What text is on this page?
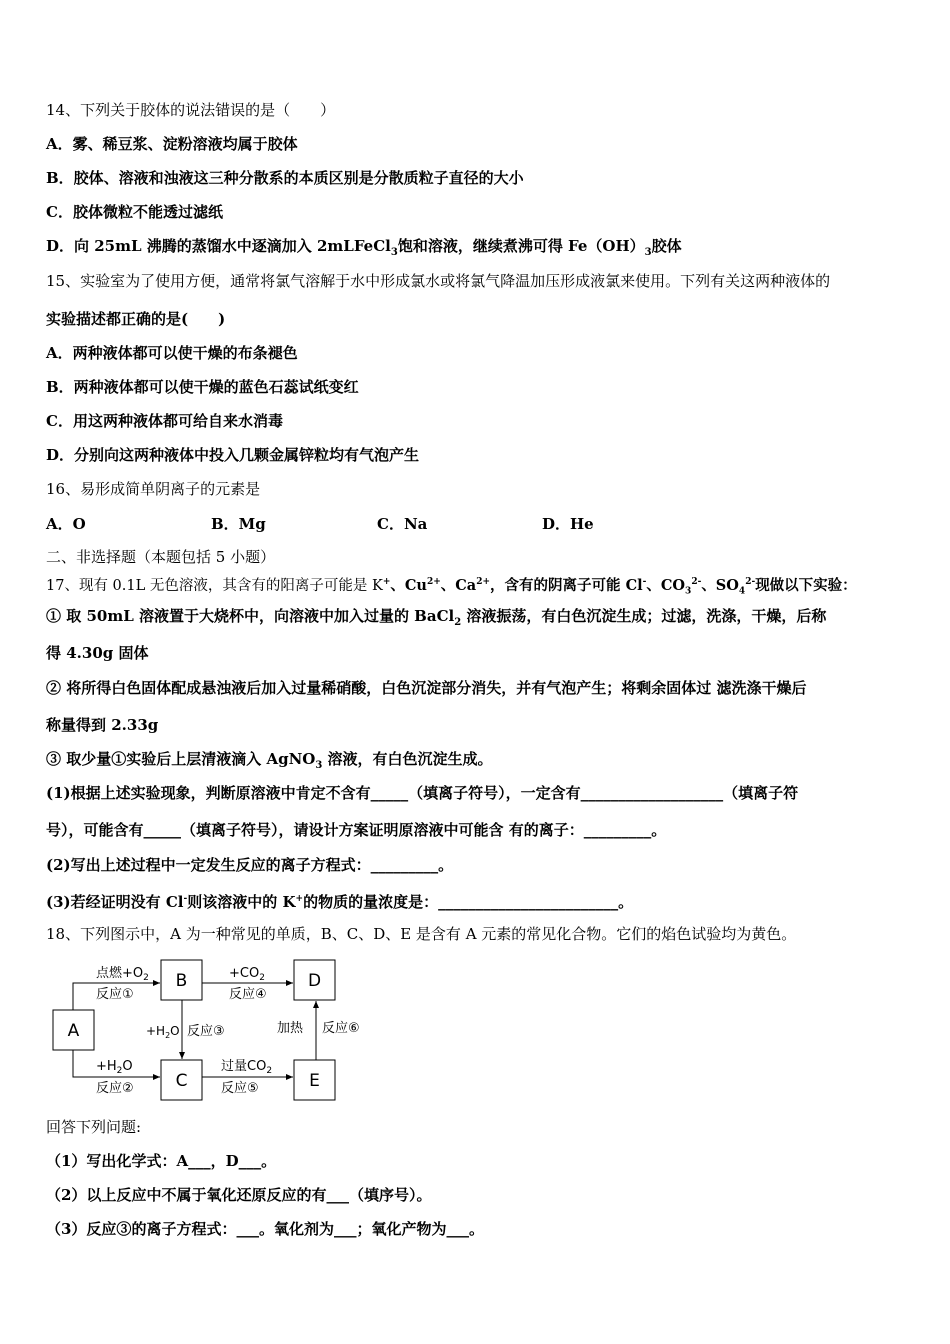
14、下列关于胶体的说法错误的是（　　）
A．雾、稀豆浆、淀粉溶液均属于胶体
B．胶体、溶液和浊液这三种分散系的本质区别是分散质粒子直径的大小
C．胶体微粒不能透过滤纸
D．向 25mL 沸腾的蒸馏水中逐滴加入 2mLFeCl$_3$饱和溶液，继续煮沸可得 $Fe(OH)_3$胶体
15、实验室为了使用方便，通常将氯气溶解于水中形成氯水或将氯气降温加压形成液氯来使用。下列有关这两种液体的
实验描述都正确的是(　　)
A．两种液体都可以使干燥的布条褪色
B．两种液体都可以使干燥的蓝色石蕊试纸变红
C．用这两种液体都可给自来水消毒
D．分别向这两种液体中投入几颗金属锌粒均有气泡产生
16、易形成简单阴离子的元素是
A．O	B．Mg	C．Na	D．He
二、非选择题（本题包括 5 小题）
17、现有 0.1L 无色溶液，其含有的阳离子可能是 K+、$Cu^{2+}$、$Ca^{2+}$，含有的阴离子可能 Cl-、$CO_3^{2-}$、$SO_4^{2-}$现做以下实验：
① 取 50mL 溶液置于大烧杯中，向溶液中加入过量的 BaCl$_2$ 溶液振荡，有白色沉淀生成；过滤，洗涤，干燥，后称
得 4.30g 固体
② 将所得白色固体配成悬浊液后加入过量稀硝酸，白色沉淀部分消失，并有气泡产生；将剩余固体过 滤洗涤干燥后
称量得到 2.33g
③ 取少量①实验后上层清液滴入 AgNO$_3$ 溶液，有白色沉淀生成。
(1)根据上述实验现象，判断原溶液中肯定不含有_____（填离子符号），一定含有___________________（填离子符
号），可能含有_____（填离子符号），请设计方案证明原溶液中可能含 有的离子：_________。
(2)写出上述过程中一定发生反应的离子方程式：_________。
(3)若经证明没有 Cl-则该溶液中的 K+的物质的量浓度是：________________________。
18、下列图示中，A 为一种常见的单质，B、C、D、E 是含有 A 元素的常见化合物。它们的焰色试验均为黄色。
A
B
C
D
E
点燃$+O_2$
反应①
$+CO_2$
反应④
$+H_2O$ 反应③	加热 反应⑥
$+H_2O$
反应②
过量$CO_2$
反应⑤
回答下列问题:
（1）写出化学式：A___，D___。
（2）以上反应中不属于氧化还原反应的有___（填序号）。
（3）反应③的离子方程式：___。氧化剂为___；氧化产物为___。
